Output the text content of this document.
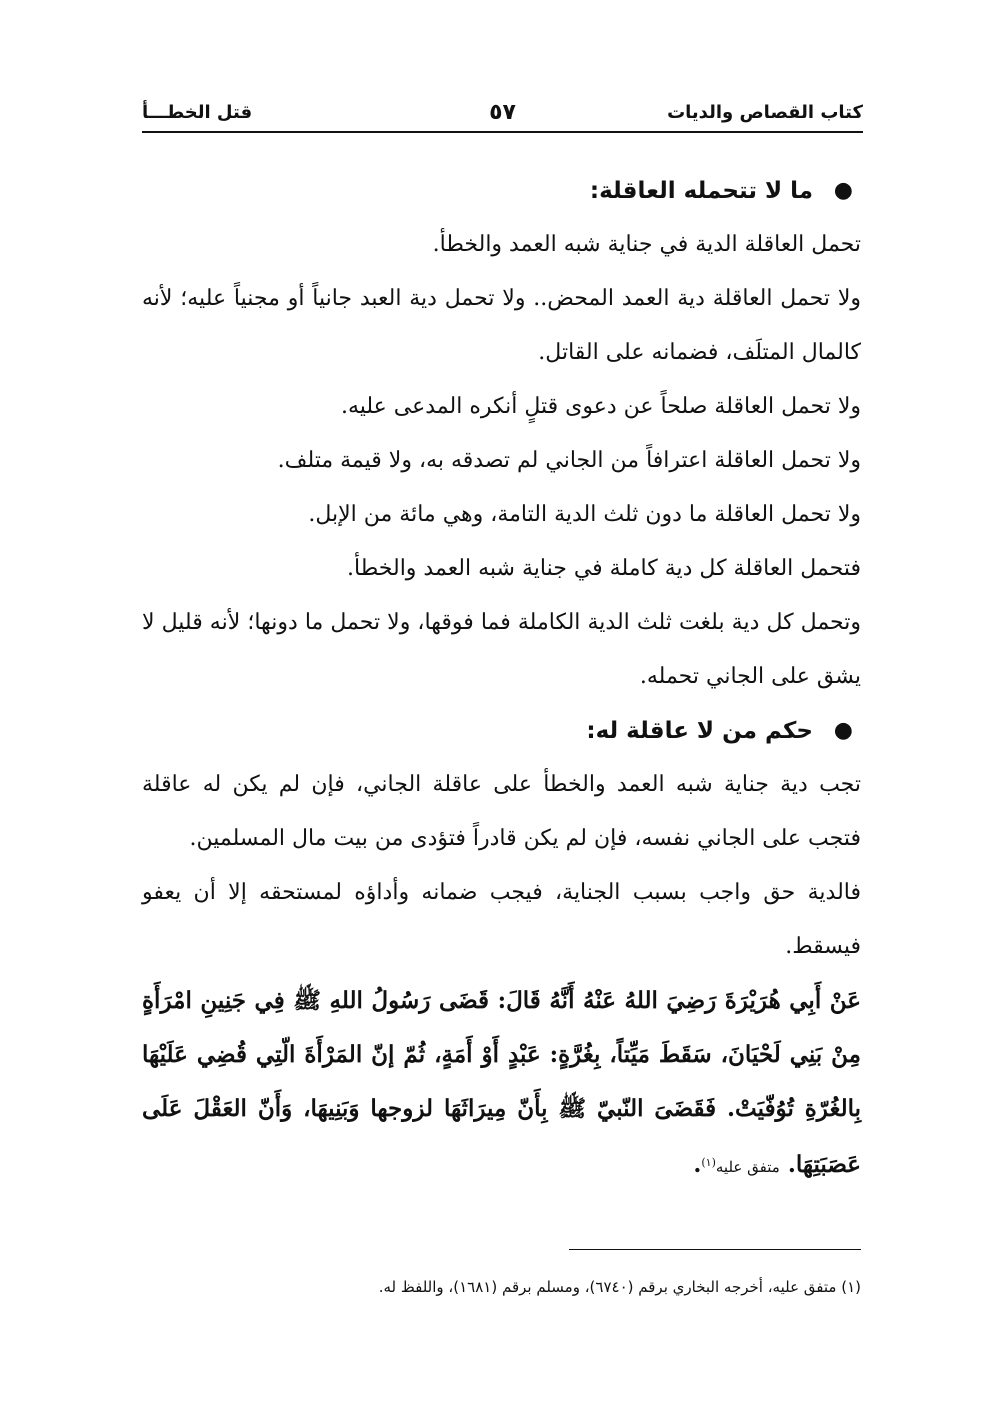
كتاب القصاص والديات
٥٧
قتل الخطـــأ

●
ما لا تتحمله العاقلة:

تحمل العاقلة الدية في جناية شبه العمد والخطأ.

ولا تحمل العاقلة دية العمد المحض.. ولا تحمل دية العبد جانياً أو مجنياً عليه؛ لأنه كالمال المتلَف، فضمانه على القاتل.

ولا تحمل العاقلة صلحاً عن دعوى قتلٍ أنكره المدعى عليه.

ولا تحمل العاقلة اعترافاً من الجاني لم تصدقه به، ولا قيمة متلف.

ولا تحمل العاقلة ما دون ثلث الدية التامة، وهي مائة من الإبل.

فتحمل العاقلة كل دية كاملة في جناية شبه العمد والخطأ.

وتحمل كل دية بلغت ثلث الدية الكاملة فما فوقها، ولا تحمل ما دونها؛ لأنه قليل لا يشق على الجاني تحمله.

●
حكم من لا عاقلة له:

تجب دية جناية شبه العمد والخطأ على عاقلة الجاني، فإن لم يكن له عاقلة فتجب على الجاني نفسه، فإن لم يكن قادراً فتؤدى من بيت مال المسلمين.

فالدية حق واجب بسبب الجناية، فيجب ضمانه وأداؤه لمستحقه إلا أن يعفو فيسقط.

عَنْ أَبِي هُرَيْرَةَ رَضِيَ اللهُ عَنْهُ أَنَّهُ قَالَ: قَضَى رَسُولُ اللهِ ﷺ فِي جَنِينِ امْرَأَةٍ مِنْ بَنِي لَحْيَانَ، سَقَطَ مَيِّتاً، بِغُرَّةٍ: عَبْدٍ أَوْ أَمَةٍ، ثُمّ إنّ المَرْأَةَ الّتِي قُضِي عَلَيْهَا بِالغُرّةِ تُوُفّيَتْ. فَقَضَىَ النّبيّ ﷺ بِأَنّ مِيرَاثَهَا لزوجها وَبَنِيهَا، وَأَنّ العَقْلَ عَلَى عَصَبَتِهَا. متفق عليه$^{(١)}$.

(١) متفق عليه، أخرجه البخاري برقم (٦٧٤٠)، ومسلم برقم (١٦٨١)، واللفظ له.
